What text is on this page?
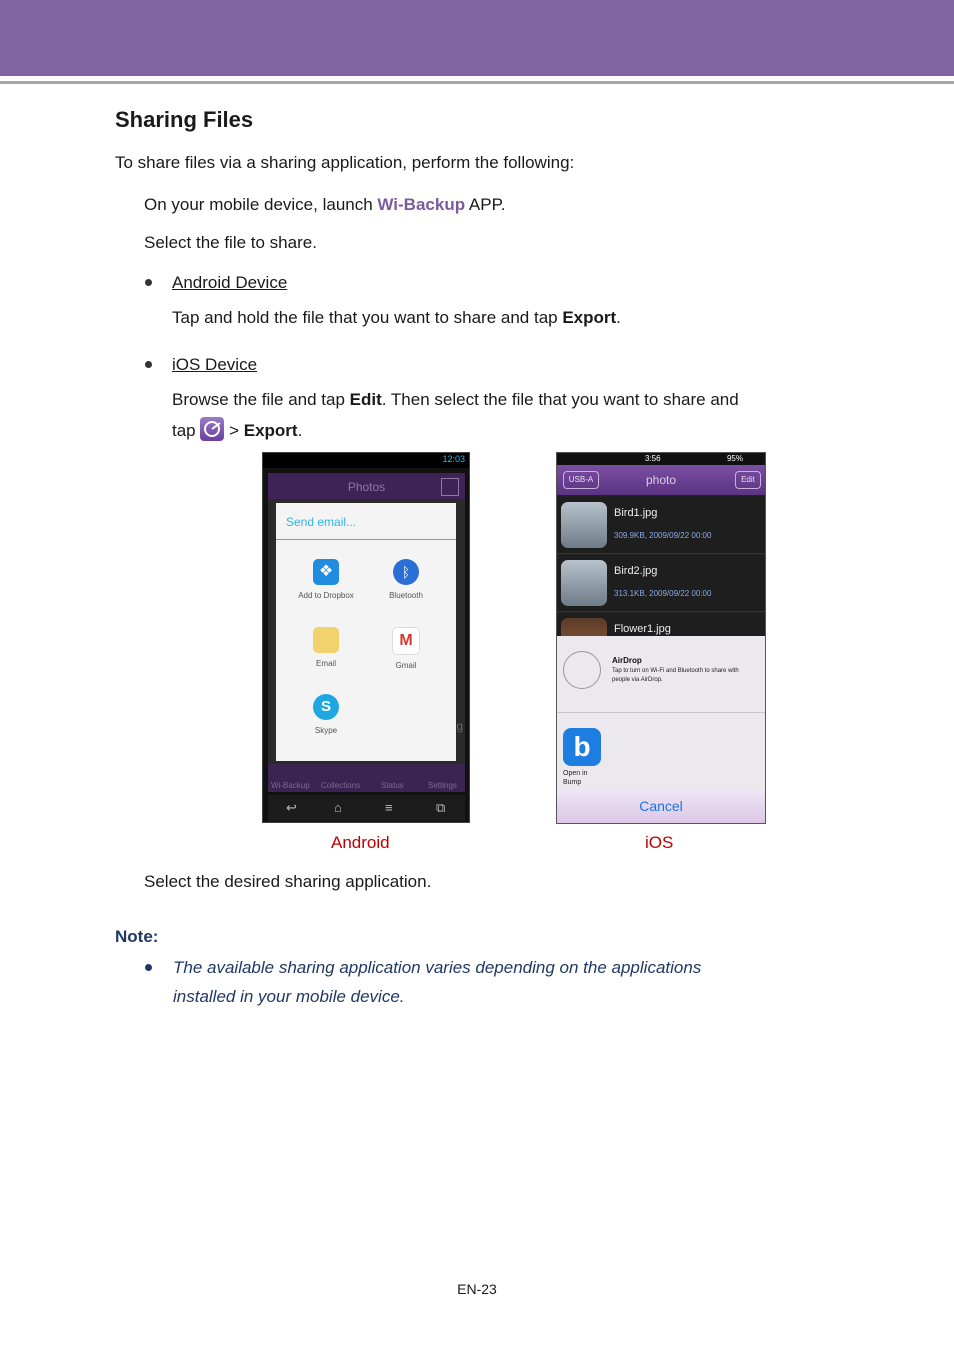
Sharing Files
To share files via a sharing application, perform the following:
On your mobile device, launch Wi-Backup APP.
Select the file to share.
Android Device
Tap and hold the file that you want to share and tap Export.
iOS Device
Browse the file and tap Edit. Then select the file that you want to share and
tap  > Export.
12:03
Photos
g
Send email...
❖
Add to Dropbox
ᛒ
Bluetooth
Email
M
Gmail
S
Skype
Wi-Backup Collections	Status	Settings
↩	⌂	≡	⧉
3:56	95%
USB-A	photo	Edit
Bird1.jpg
309.9KB, 2009/09/22 00:00
Bird2.jpg
313.1KB, 2009/09/22 00:00
Flower1.jpg
AirDrop
Tap to turn on Wi-Fi and Bluetooth to share with people via AirDrop.
b
Open in Bump
Cancel
Android	iOS
Select the desired sharing application.
Note:
The available sharing application varies depending on the applications
installed in your mobile device.
EN-23
